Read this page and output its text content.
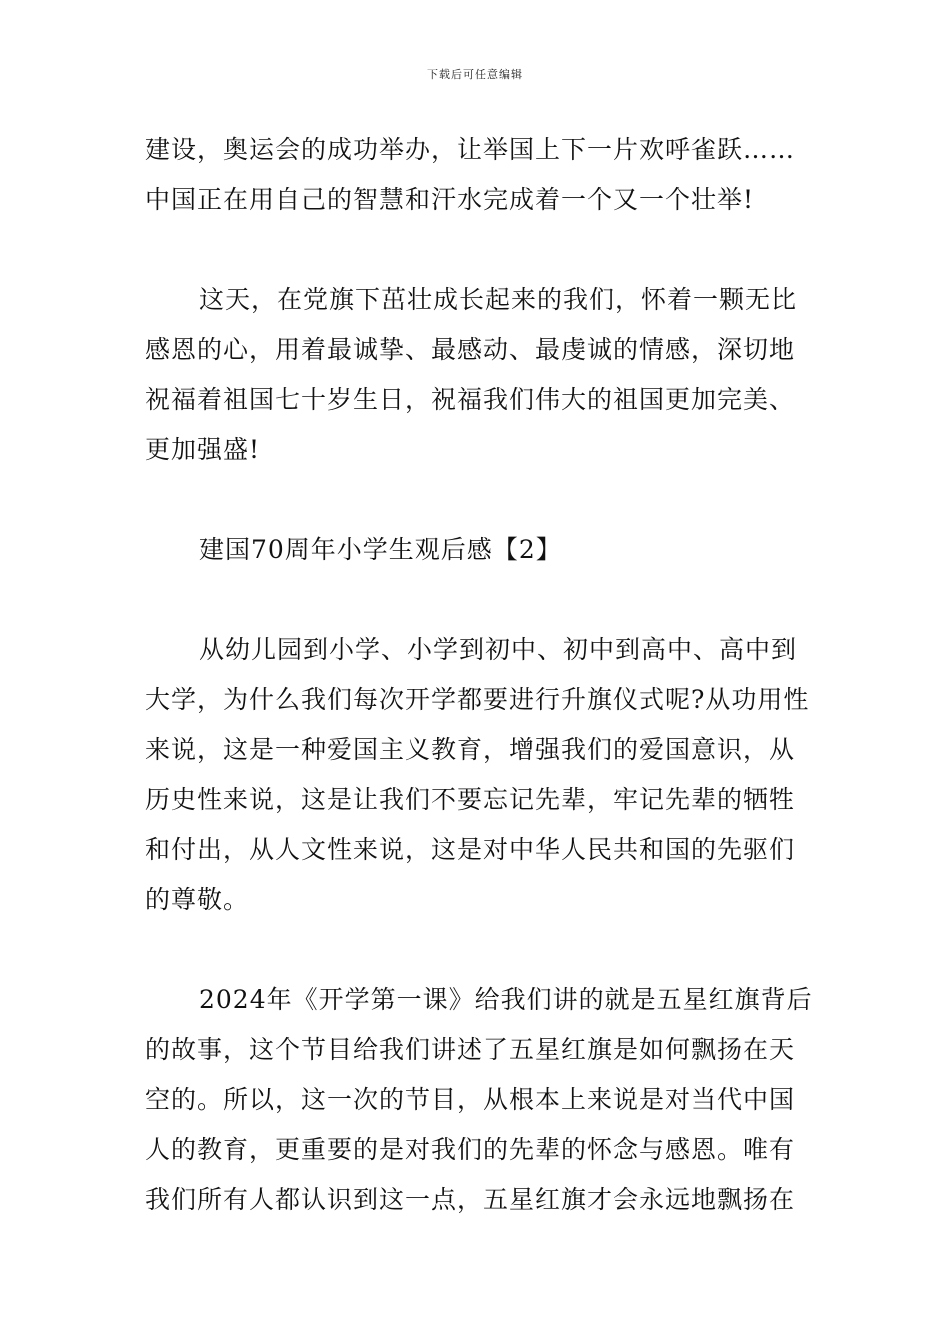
下载后可任意编辑

建设，奥运会的成功举办，让举国上下一片欢呼雀跃……
中国正在用自己的智慧和汗水完成着一个又一个壮举!

这天，在党旗下茁壮成长起来的我们，怀着一颗无比
感恩的心，用着最诚挚、最感动、最虔诚的情感，深切地
祝福着祖国七十岁生日，祝福我们伟大的祖国更加完美、
更加强盛!

建国70周年小学生观后感【2】

从幼儿园到小学、小学到初中、初中到高中、高中到
大学，为什么我们每次开学都要进行升旗仪式呢?从功用性
来说，这是一种爱国主义教育，增强我们的爱国意识，从
历史性来说，这是让我们不要忘记先辈，牢记先辈的牺牲
和付出，从人文性来说，这是对中华人民共和国的先驱们
的尊敬。

2024年《开学第一课》给我们讲的就是五星红旗背后
的故事，这个节目给我们讲述了五星红旗是如何飘扬在天
空的。所以，这一次的节目，从根本上来说是对当代中国
人的教育，更重要的是对我们的先辈的怀念与感恩。唯有
我们所有人都认识到这一点，五星红旗才会永远地飘扬在
